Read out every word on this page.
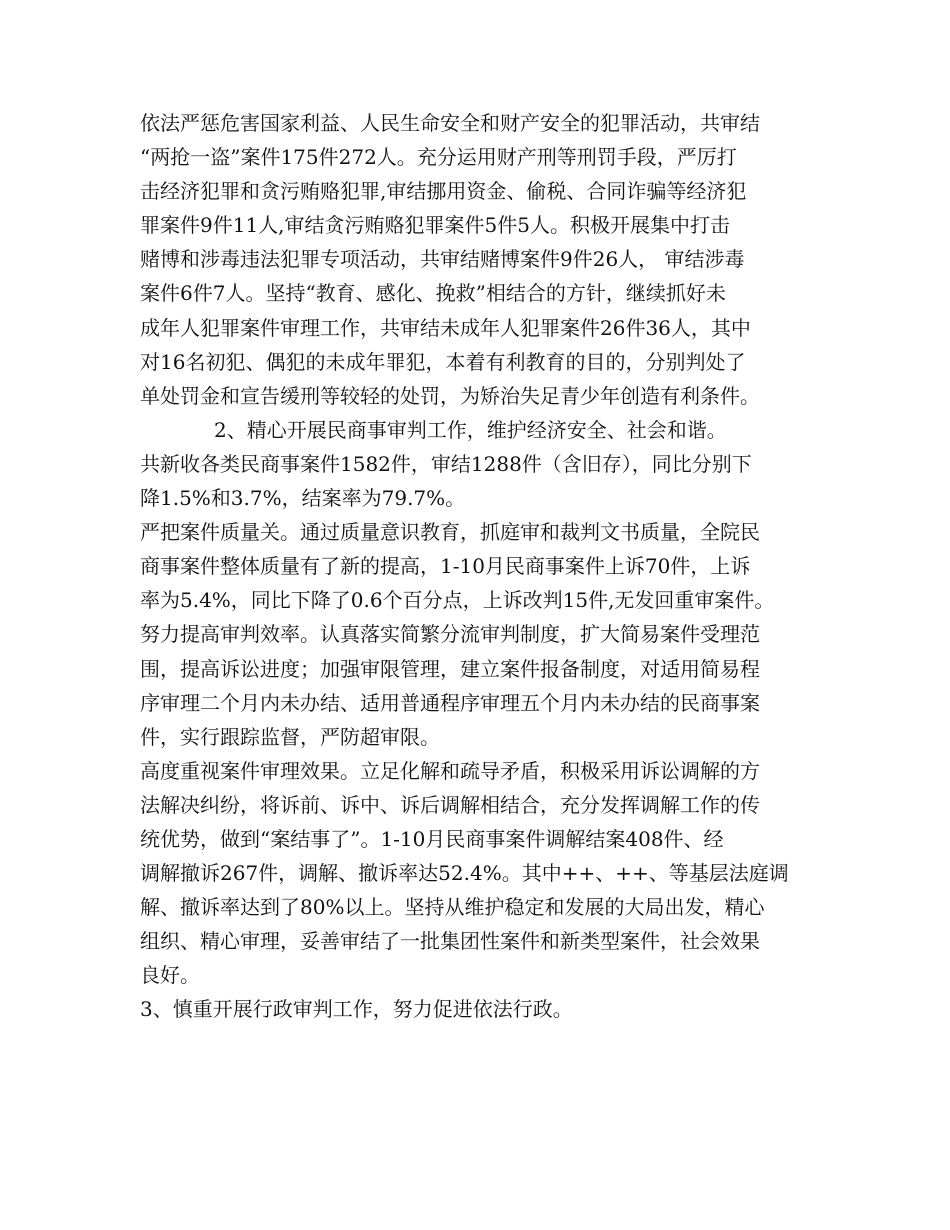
依法严惩危害国家利益、人民生命安全和财产安全的犯罪活动，共审结
“两抢一盗”案件175件272人。充分运用财产刑等刑罚手段，严厉打
击经济犯罪和贪污贿赂犯罪,审结挪用资金、偷税、合同诈骗等经济犯
罪案件9件11人,审结贪污贿赂犯罪案件5件5人。积极开展集中打击
赌博和涉毒违法犯罪专项活动，共审结赌博案件9件26人， 审结涉毒
案件6件7人。坚持“教育、感化、挽救”相结合的方针，继续抓好未
成年人犯罪案件审理工作，共审结未成年人犯罪案件26件36人，其中
对16名初犯、偶犯的未成年罪犯，本着有利教育的目的，分别判处了
单处罚金和宣告缓刑等较轻的处罚，为矫治失足青少年创造有利条件。
2、精心开展民商事审判工作，维护经济安全、社会和谐。
共新收各类民商事案件1582件，审结1288件（含旧存），同比分别下
降1.5%和3.7%，结案率为79.7%。
严把案件质量关。通过质量意识教育，抓庭审和裁判文书质量，全院民
商事案件整体质量有了新的提高，1-10月民商事案件上诉70件，上诉
率为5.4%，同比下降了0.6个百分点，上诉改判15件,无发回重审案件。
努力提高审判效率。认真落实简繁分流审判制度，扩大简易案件受理范
围，提高诉讼进度；加强审限管理，建立案件报备制度，对适用简易程
序审理二个月内未办结、适用普通程序审理五个月内未办结的民商事案
件，实行跟踪监督，严防超审限。
高度重视案件审理效果。立足化解和疏导矛盾，积极采用诉讼调解的方
法解决纠纷，将诉前、诉中、诉后调解相结合，充分发挥调解工作的传
统优势，做到“案结事了”。1-10月民商事案件调解结案408件、经
调解撤诉267件，调解、撤诉率达52.4%。其中++、++、等基层法庭调
解、撤诉率达到了80%以上。坚持从维护稳定和发展的大局出发，精心
组织、精心审理，妥善审结了一批集团性案件和新类型案件，社会效果
良好。
3、慎重开展行政审判工作，努力促进依法行政。
